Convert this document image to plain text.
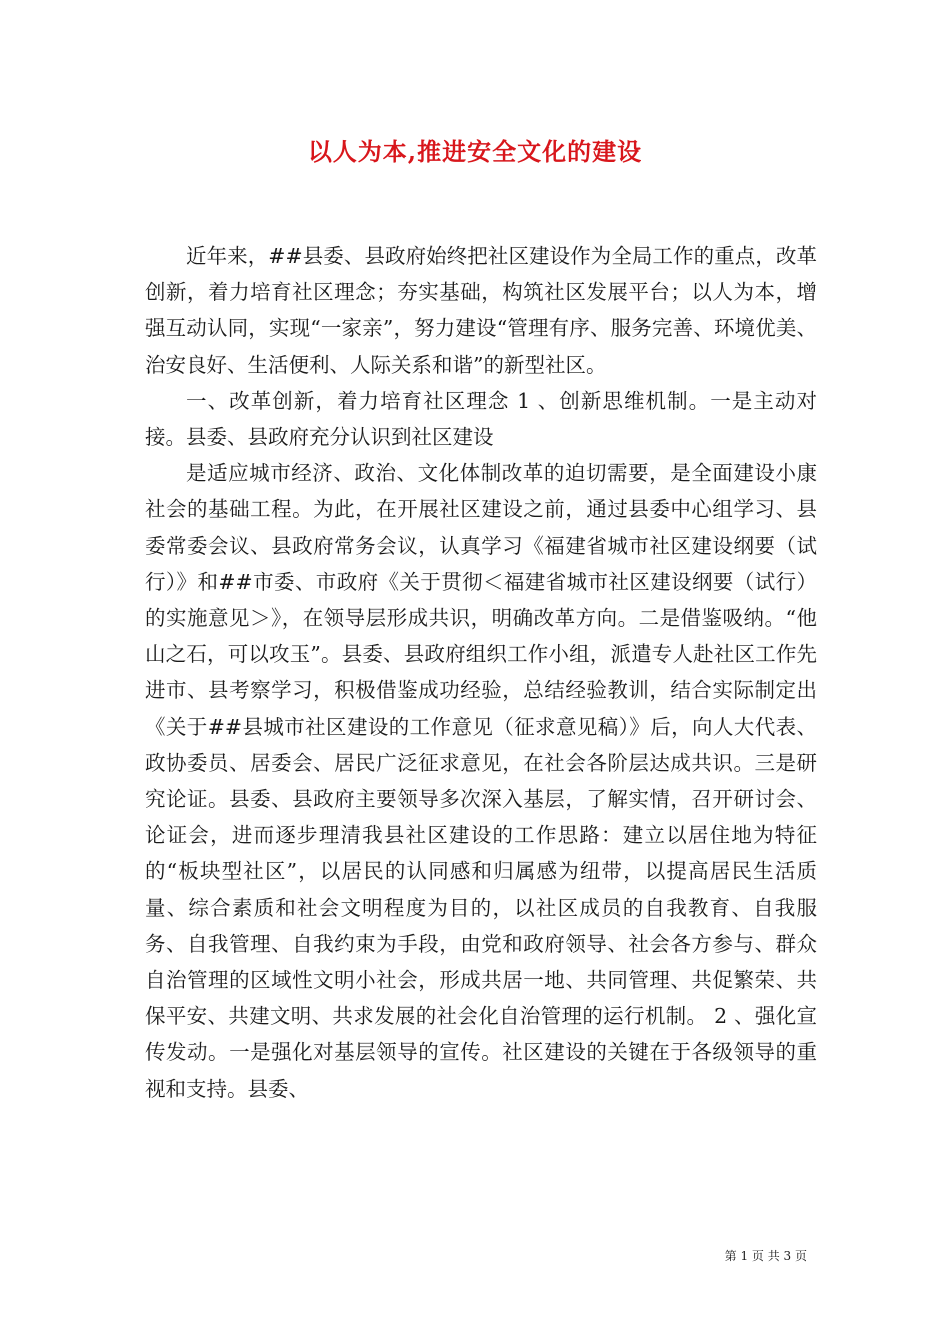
以人为本,推进安全文化的建设

近年来，##县委、县政府始终把社区建设作为全局工作的重点，改革创新，着力培育社区理念；夯实基础，构筑社区发展平台；以人为本，增强互动认同，实现“一家亲”，努力建设“管理有序、服务完善、环境优美、治安良好、生活便利、人际关系和谐”的新型社区。

一、改革创新，着力培育社区理念 1 、创新思维机制。一是主动对接。县委、县政府充分认识到社区建设

是适应城市经济、政治、文化体制改革的迫切需要，是全面建设小康社会的基础工程。为此，在开展社区建设之前，通过县委中心组学习、县委常委会议、县政府常务会议，认真学习《福建省城市社区建设纲要（试行）》和##市委、市政府《关于贯彻＜福建省城市社区建设纲要（试行）的实施意见＞》，在领导层形成共识，明确改革方向。二是借鉴吸纳。“他山之石，可以攻玉”。县委、县政府组织工作小组，派遣专人赴社区工作先进市、县考察学习，积极借鉴成功经验，总结经验教训，结合实际制定出《关于##县城市社区建设的工作意见（征求意见稿）》后，向人大代表、政协委员、居委会、居民广泛征求意见，在社会各阶层达成共识。三是研究论证。县委、县政府主要领导多次深入基层，了解实情，召开研讨会、论证会，进而逐步理清我县社区建设的工作思路：建立以居住地为特征的“板块型社区”，以居民的认同感和归属感为纽带，以提高居民生活质量、综合素质和社会文明程度为目的，以社区成员的自我教育、自我服务、自我管理、自我约束为手段，由党和政府领导、社会各方参与、群众自治管理的区域性文明小社会，形成共居一地、共同管理、共促繁荣、共保平安、共建文明、共求发展的社会化自治管理的运行机制。 2 、强化宣传发动。一是强化对基层领导的宣传。社区建设的关键在于各级领导的重视和支持。县委、

第 1 页 共 3 页
